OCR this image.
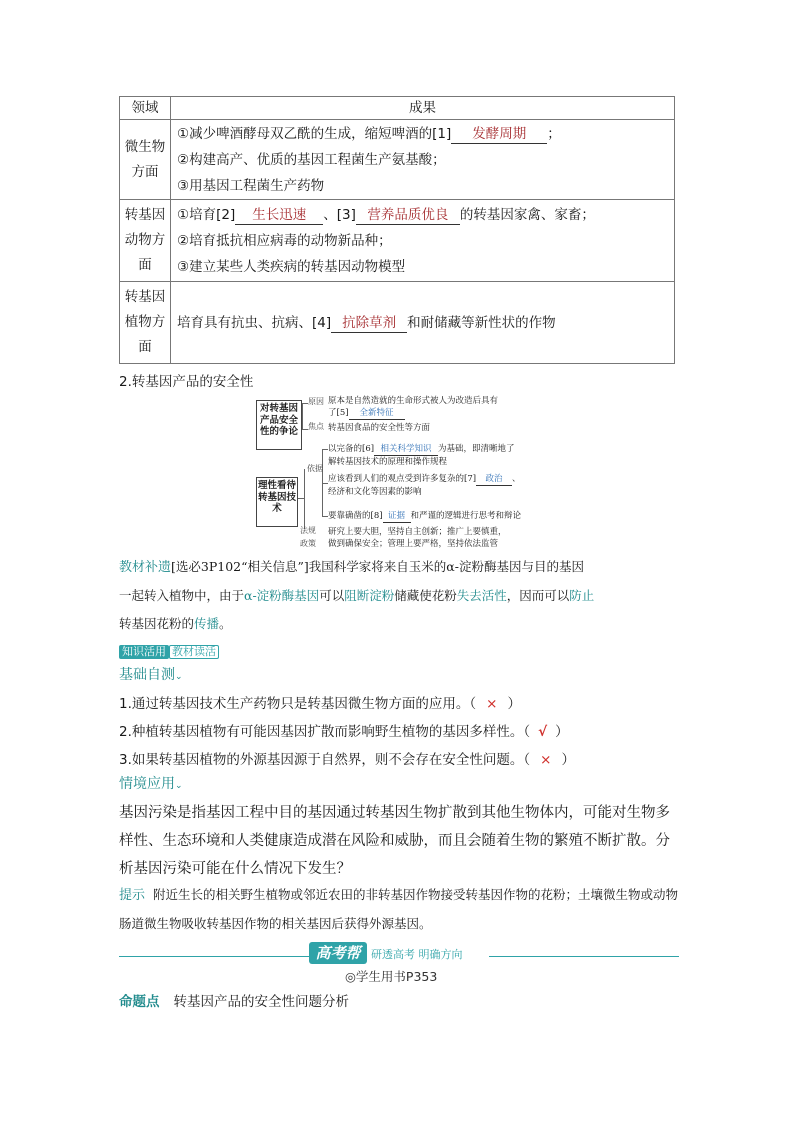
领域	成果
微生物方面	①减少啤酒酵母双乙酰的生成，缩短啤酒的[1] 发酵周期 ；
②构建高产、优质的基因工程菌生产氨基酸；
③用基因工程菌生产药物

转基因动物方面	①培育[2] 生长迅速 、[3] 营养品质优良 的转基因家禽、家畜；
②培育抵抗相应病毒的动物新品种；
③建立某些人类疾病的转基因动物模型

转基因植物方面	培育具有抗虫、抗病、[4] 抗除草剂 和耐储藏等新性状的作物
2.转基因产品的安全性
对转基因产品安全性的争论
理性看待转基因技术
原因
焦点
依据
法规
政策
原本是自然造就的生命形式被人为改造后具有
了[5] 全新特征
转基因食品的安全性等方面
以完备的[6] 相关科学知识 为基础，即清晰地了
解转基因技术的原理和操作规程
应该看到人们的观点受到许多复杂的[7] 政治 、
经济和文化等因素的影响
要靠确凿的[8] 证据 和严谨的逻辑进行思考和辩论
研究上要大胆，坚持自主创新；推广上要慎重，
做到确保安全；管理上要严格，坚持依法监管
教材补遗[选必3P102“相关信息”]我国科学家将来自玉米的α-淀粉酶基因与目的基因
一起转入植物中，由于α-淀粉酶基因可以阻断淀粉储藏使花粉失去活性，因而可以防止
转基因花粉的传播。
知识活用 教材读活
基础自测⌄
1.通过转基因技术生产药物只是转基因微生物方面的应用。（ × ）
2.种植转基因植物有可能因基因扩散而影响野生植物的基因多样性。（ √ ）
3.如果转基因植物的外源基因源于自然界，则不会存在安全性问题。（ × ）
情境应用⌄
基因污染是指基因工程中目的基因通过转基因生物扩散到其他生物体内，可能对生物多样性、生态环境和人类健康造成潜在风险和威胁，而且会随着生物的繁殖不断扩散。分析基因污染可能在什么情况下发生？
提示 附近生长的相关野生植物或邻近农田的非转基因作物接受转基因作物的花粉；土壤微生物或动物肠道微生物吸收转基因作物的相关基因后获得外源基因。
高考帮 研透高考 明确方向
◎学生用书P353
命题点 转基因产品的安全性问题分析
